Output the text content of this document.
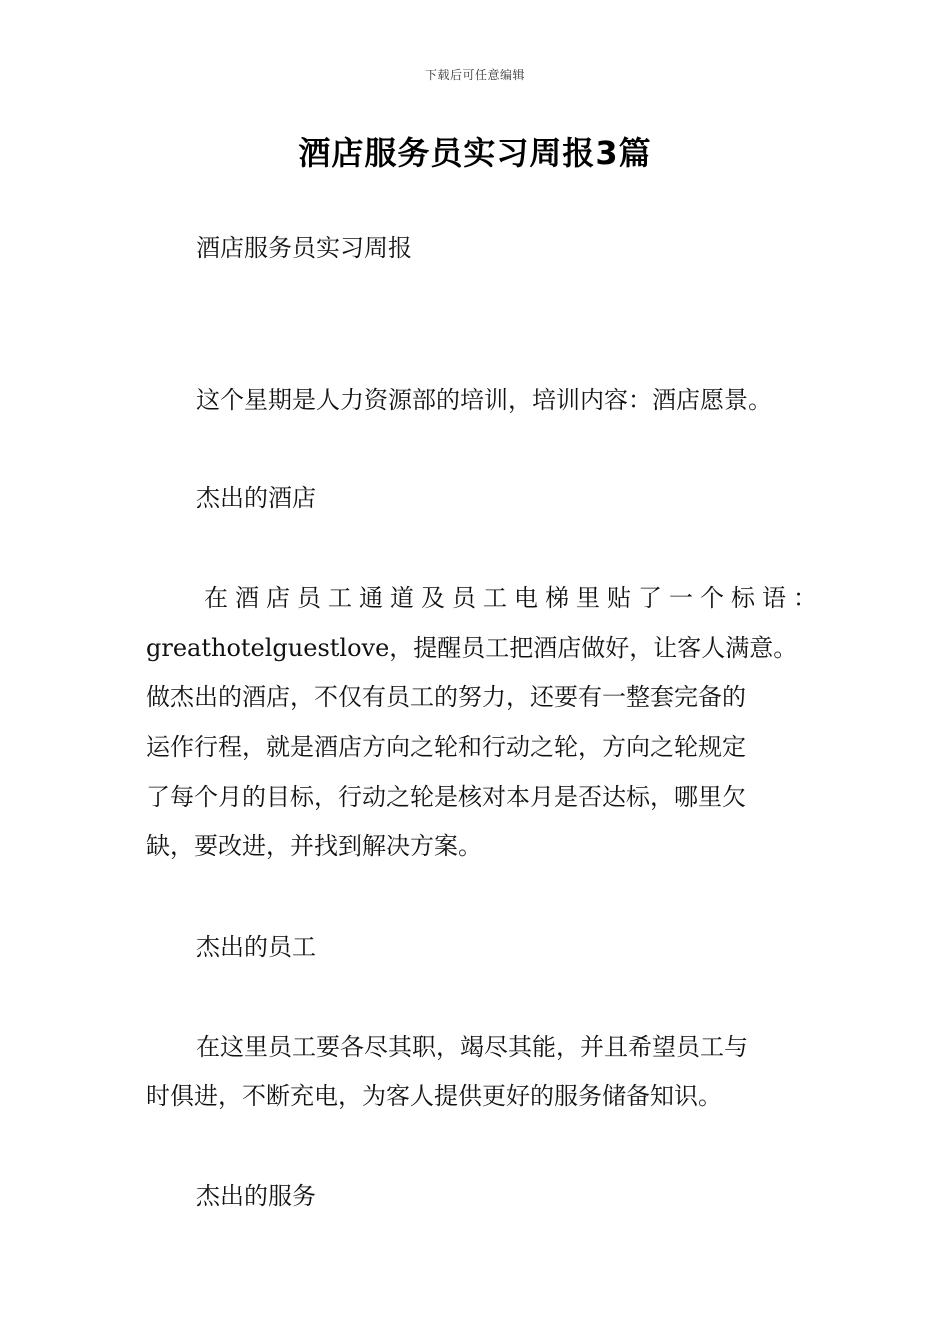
下载后可任意编辑
酒店服务员实习周报3篇
酒店服务员实习周报
这个星期是人力资源部的培训，培训内容：酒店愿景。
杰出的酒店
在酒店员工通道及员工电梯里贴了一个标语：
greathotelguestlove，提醒员工把酒店做好，让客人满意。
做杰出的酒店，不仅有员工的努力，还要有一整套完备的
运作行程，就是酒店方向之轮和行动之轮，方向之轮规定
了每个月的目标，行动之轮是核对本月是否达标，哪里欠
缺，要改进，并找到解决方案。
杰出的员工
在这里员工要各尽其职，竭尽其能，并且希望员工与
时俱进，不断充电，为客人提供更好的服务储备知识。
杰出的服务
